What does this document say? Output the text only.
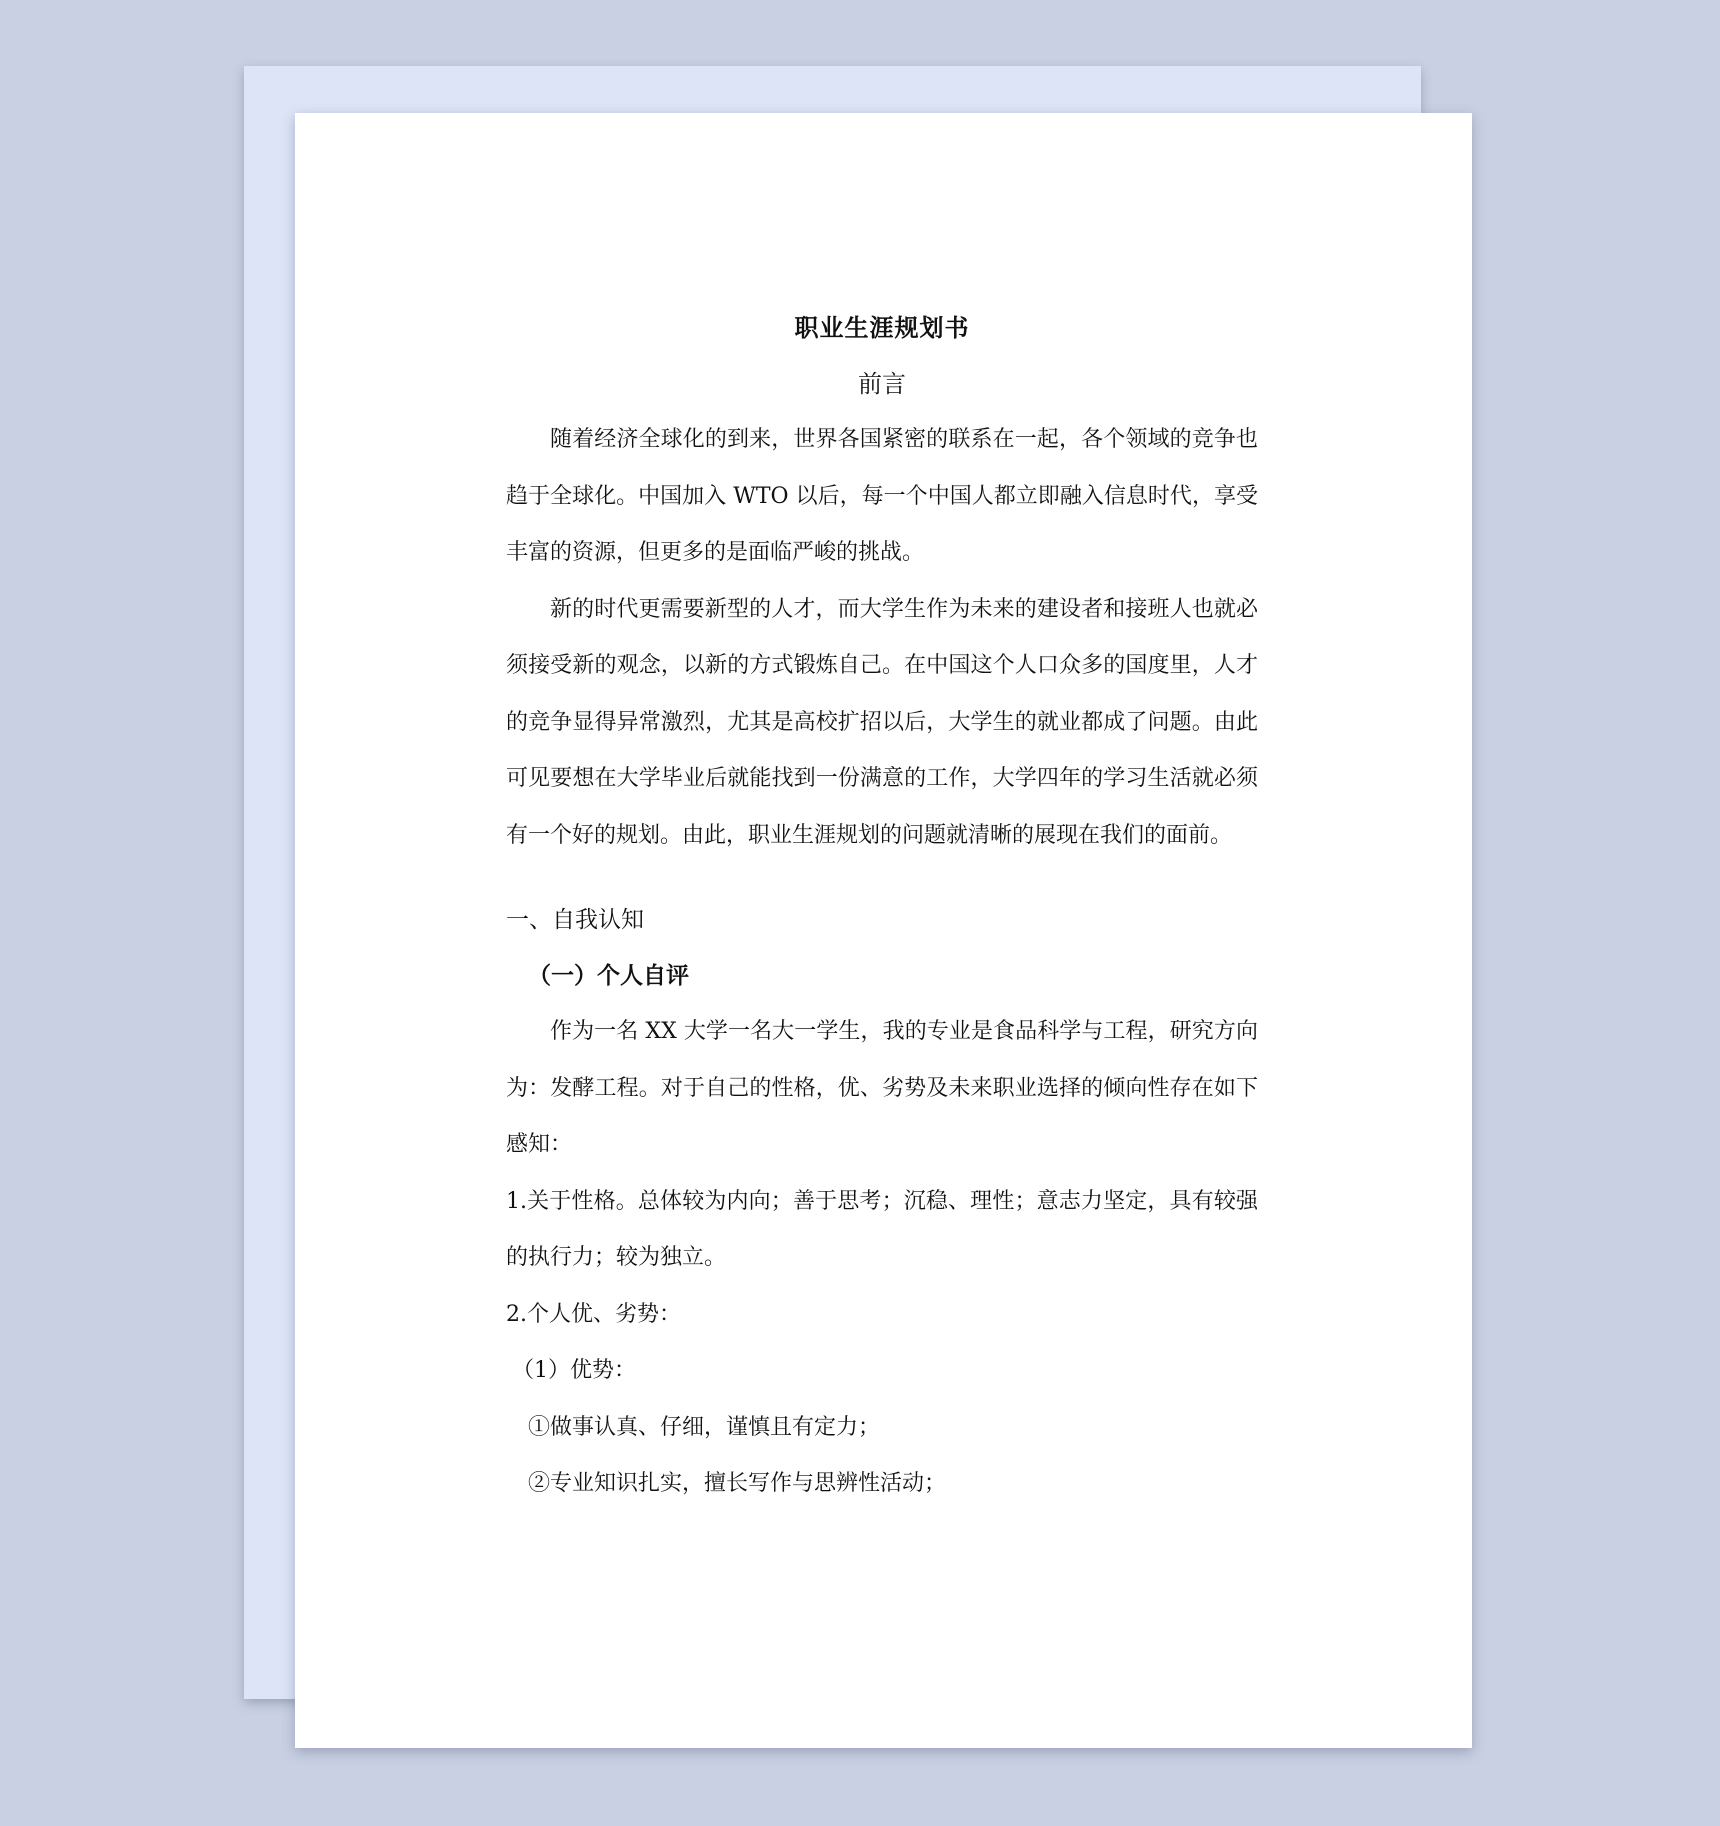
职业生涯规划书
前言

随着经济全球化的到来，世界各国紧密的联系在一起，各个领域的竞争也趋于全球化。中国加入 WTO 以后，每一个中国人都立即融入信息时代，享受丰富的资源，但更多的是面临严峻的挑战。

新的时代更需要新型的人才，而大学生作为未来的建设者和接班人也就必须接受新的观念，以新的方式锻炼自己。在中国这个人口众多的国度里，人才的竞争显得异常激烈，尤其是高校扩招以后，大学生的就业都成了问题。由此可见要想在大学毕业后就能找到一份满意的工作，大学四年的学习生活就必须有一个好的规划。由此，职业生涯规划的问题就清晰的展现在我们的面前。

一、自我认知
（一）个人自评

作为一名 XX 大学一名大一学生，我的专业是食品科学与工程，研究方向为：发酵工程。对于自己的性格，优、劣势及未来职业选择的倾向性存在如下感知：

1.关于性格。总体较为内向；善于思考；沉稳、理性；意志力坚定，具有较强的执行力；较为独立。

2.个人优、劣势：

（1）优势：

①做事认真、仔细，谨慎且有定力；

②专业知识扎实，擅长写作与思辨性活动；
